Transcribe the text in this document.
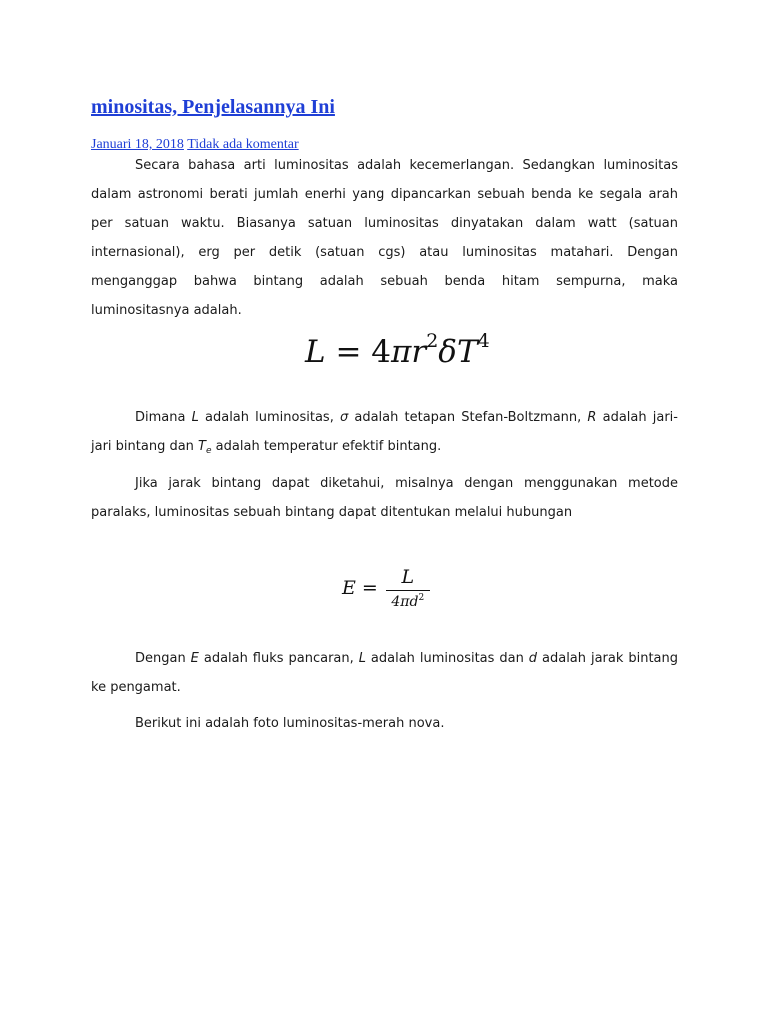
minositas, Penjelasannya Ini
Januari 18, 2018 Tidak ada komentar

Secara bahasa arti luminositas adalah kecemerlangan. Sedangkan luminositas dalam astronomi berati jumlah enerhi yang dipancarkan sebuah benda ke segala arah per satuan waktu. Biasanya satuan luminositas dinyatakan dalam watt (satuan internasional), erg per detik (satuan cgs) atau luminositas matahari. Dengan menganggap bahwa bintang adalah sebuah benda hitam sempurna, maka luminositasnya adalah.

$L = 4\pi r^2\delta T^4$

Dimana L adalah luminositas, σ adalah tetapan Stefan-Boltzmann, R adalah jari-jari bintang dan $T_e$ adalah temperatur efektif bintang.

Jika jarak bintang dapat diketahui, misalnya dengan menggunakan metode paralaks, luminositas sebuah bintang dapat ditentukan melalui hubungan

$E = \frac{L}{4\pi d^2}$

Dengan E adalah fluks pancaran, L adalah luminositas dan d adalah jarak bintang ke pengamat.

Berikut ini adalah foto luminositas-merah nova.
